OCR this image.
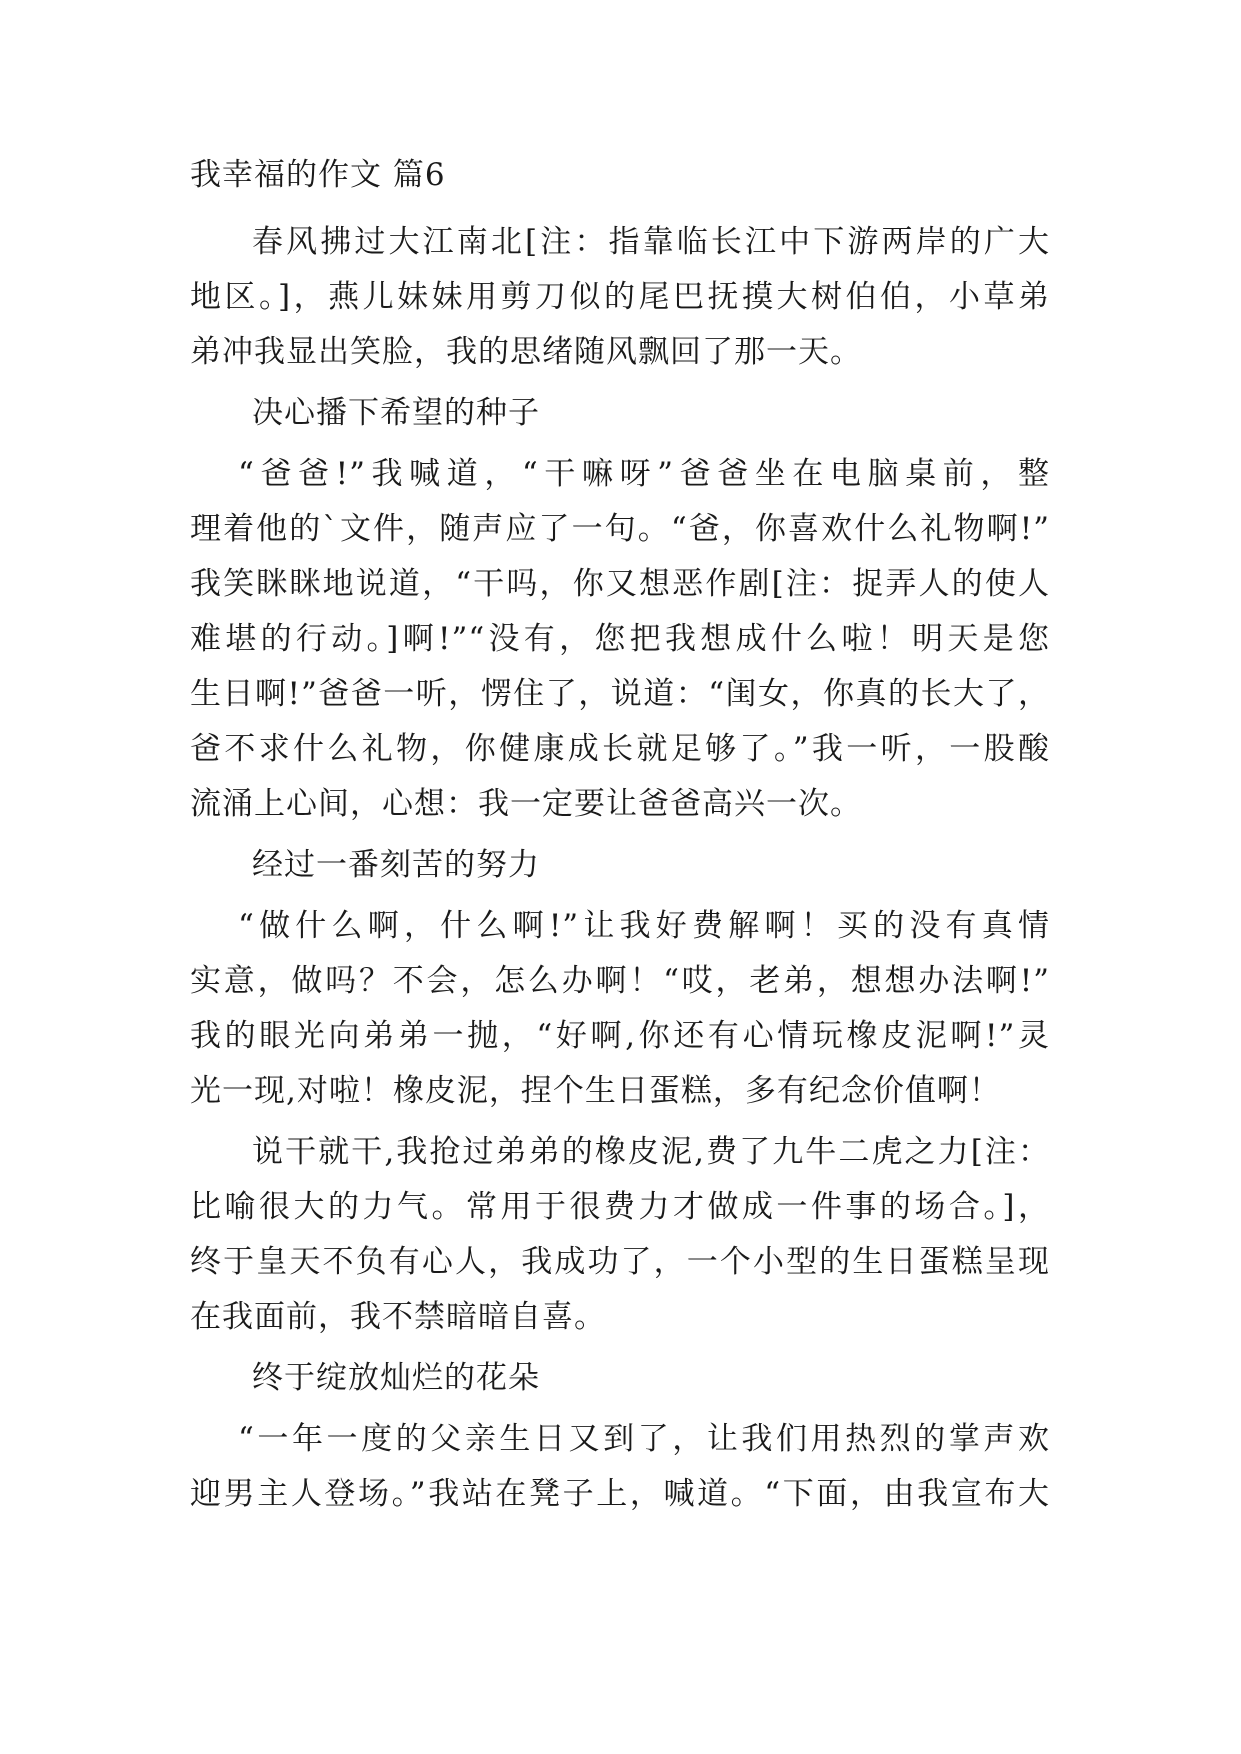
我幸福的作文 篇6
春风拂过大江南北[注：指靠临长江中下游两岸的广大
地区。]，燕儿妹妹用剪刀似的尾巴抚摸大树伯伯，小草弟
弟冲我显出笑脸，我的思绪随风飘回了那一天。
决心播下希望的种子
“爸爸!”我喊道，“干嘛呀”爸爸坐在电脑桌前，整
理着他的`文件，随声应了一句。“爸，你喜欢什么礼物啊!”
我笑眯眯地说道，“干吗，你又想恶作剧[注：捉弄人的使人
难堪的行动。]啊!”“没有，您把我想成什么啦！明天是您
生日啊!”爸爸一听，愣住了，说道：“闺女，你真的长大了，
爸不求什么礼物，你健康成长就足够了。”我一听，一股酸
流涌上心间，心想：我一定要让爸爸高兴一次。
经过一番刻苦的努力
“做什么啊，什么啊!”让我好费解啊！买的没有真情
实意，做吗？不会，怎么办啊！“哎，老弟，想想办法啊!”
我的眼光向弟弟一抛，“好啊,你还有心情玩橡皮泥啊!”灵
光一现,对啦！橡皮泥，捏个生日蛋糕，多有纪念价值啊！
说干就干,我抢过弟弟的橡皮泥,费了九牛二虎之力[注：
比喻很大的力气。常用于很费力才做成一件事的场合。]，
终于皇天不负有心人，我成功了，一个小型的生日蛋糕呈现
在我面前，我不禁暗暗自喜。
终于绽放灿烂的花朵
“一年一度的父亲生日又到了，让我们用热烈的掌声欢
迎男主人登场。”我站在凳子上，喊道。“下面，由我宣布大
